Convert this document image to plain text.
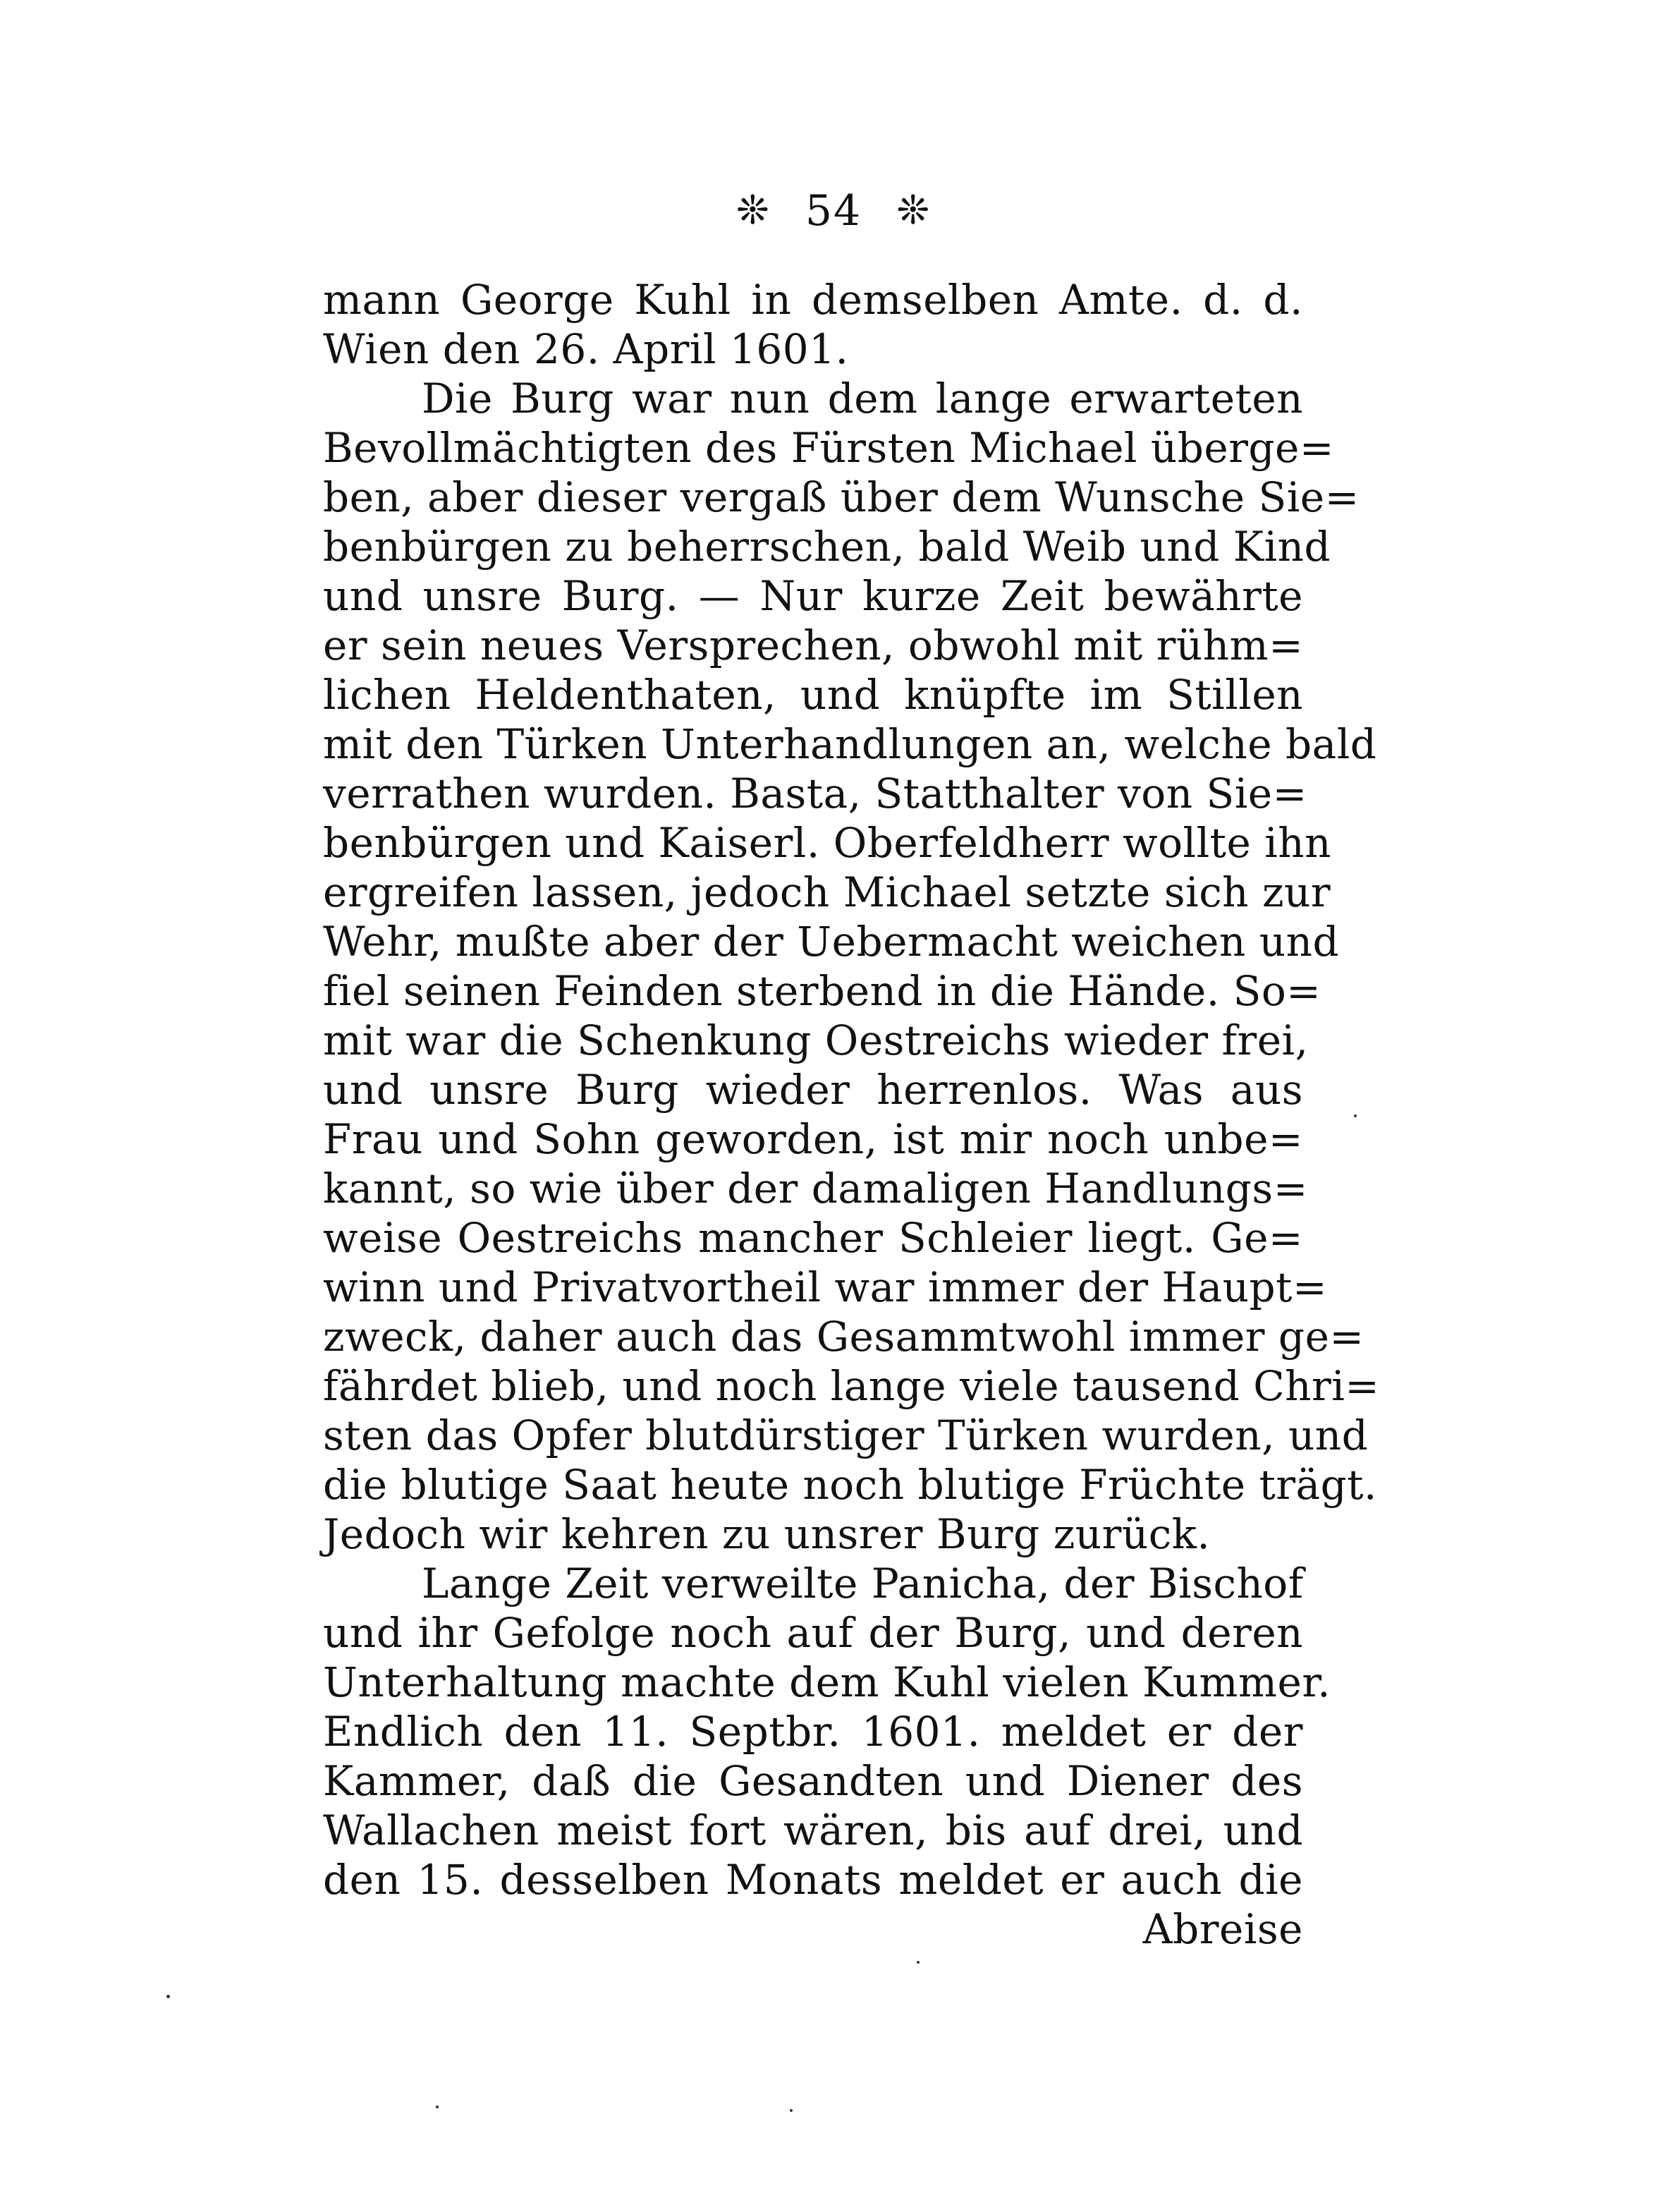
❊ 54 ❊
mann George Kuhl in demselben Amte. d. d.
Wien den 26. April 1601.
Die Burg war nun dem lange erwarteten
Bevollmächtigten des Fürsten Michael überge=
ben, aber dieser vergaß über dem Wunsche Sie=
benbürgen zu beherrschen, bald Weib und Kind
und unsre Burg. — Nur kurze Zeit bewährte
er sein neues Versprechen, obwohl mit rühm=
lichen Heldenthaten, und knüpfte im Stillen
mit den Türken Unterhandlungen an, welche bald
verrathen wurden. Basta, Statthalter von Sie=
benbürgen und Kaiserl. Oberfeldherr wollte ihn
ergreifen lassen, jedoch Michael setzte sich zur
Wehr, mußte aber der Uebermacht weichen und
fiel seinen Feinden sterbend in die Hände. So=
mit war die Schenkung Oestreichs wieder frei,
und unsre Burg wieder herrenlos. Was aus
Frau und Sohn geworden, ist mir noch unbe=
kannt, so wie über der damaligen Handlungs=
weise Oestreichs mancher Schleier liegt. Ge=
winn und Privatvortheil war immer der Haupt=
zweck, daher auch das Gesammtwohl immer ge=
fährdet blieb, und noch lange viele tausend Chri=
sten das Opfer blutdürstiger Türken wurden, und
die blutige Saat heute noch blutige Früchte trägt.
Jedoch wir kehren zu unsrer Burg zurück.
Lange Zeit verweilte Panicha, der Bischof
und ihr Gefolge noch auf der Burg, und deren
Unterhaltung machte dem Kuhl vielen Kummer.
Endlich den 11. Septbr. 1601. meldet er der
Kammer, daß die Gesandten und Diener des
Wallachen meist fort wären, bis auf drei, und
den 15. desselben Monats meldet er auch die
Abreise
